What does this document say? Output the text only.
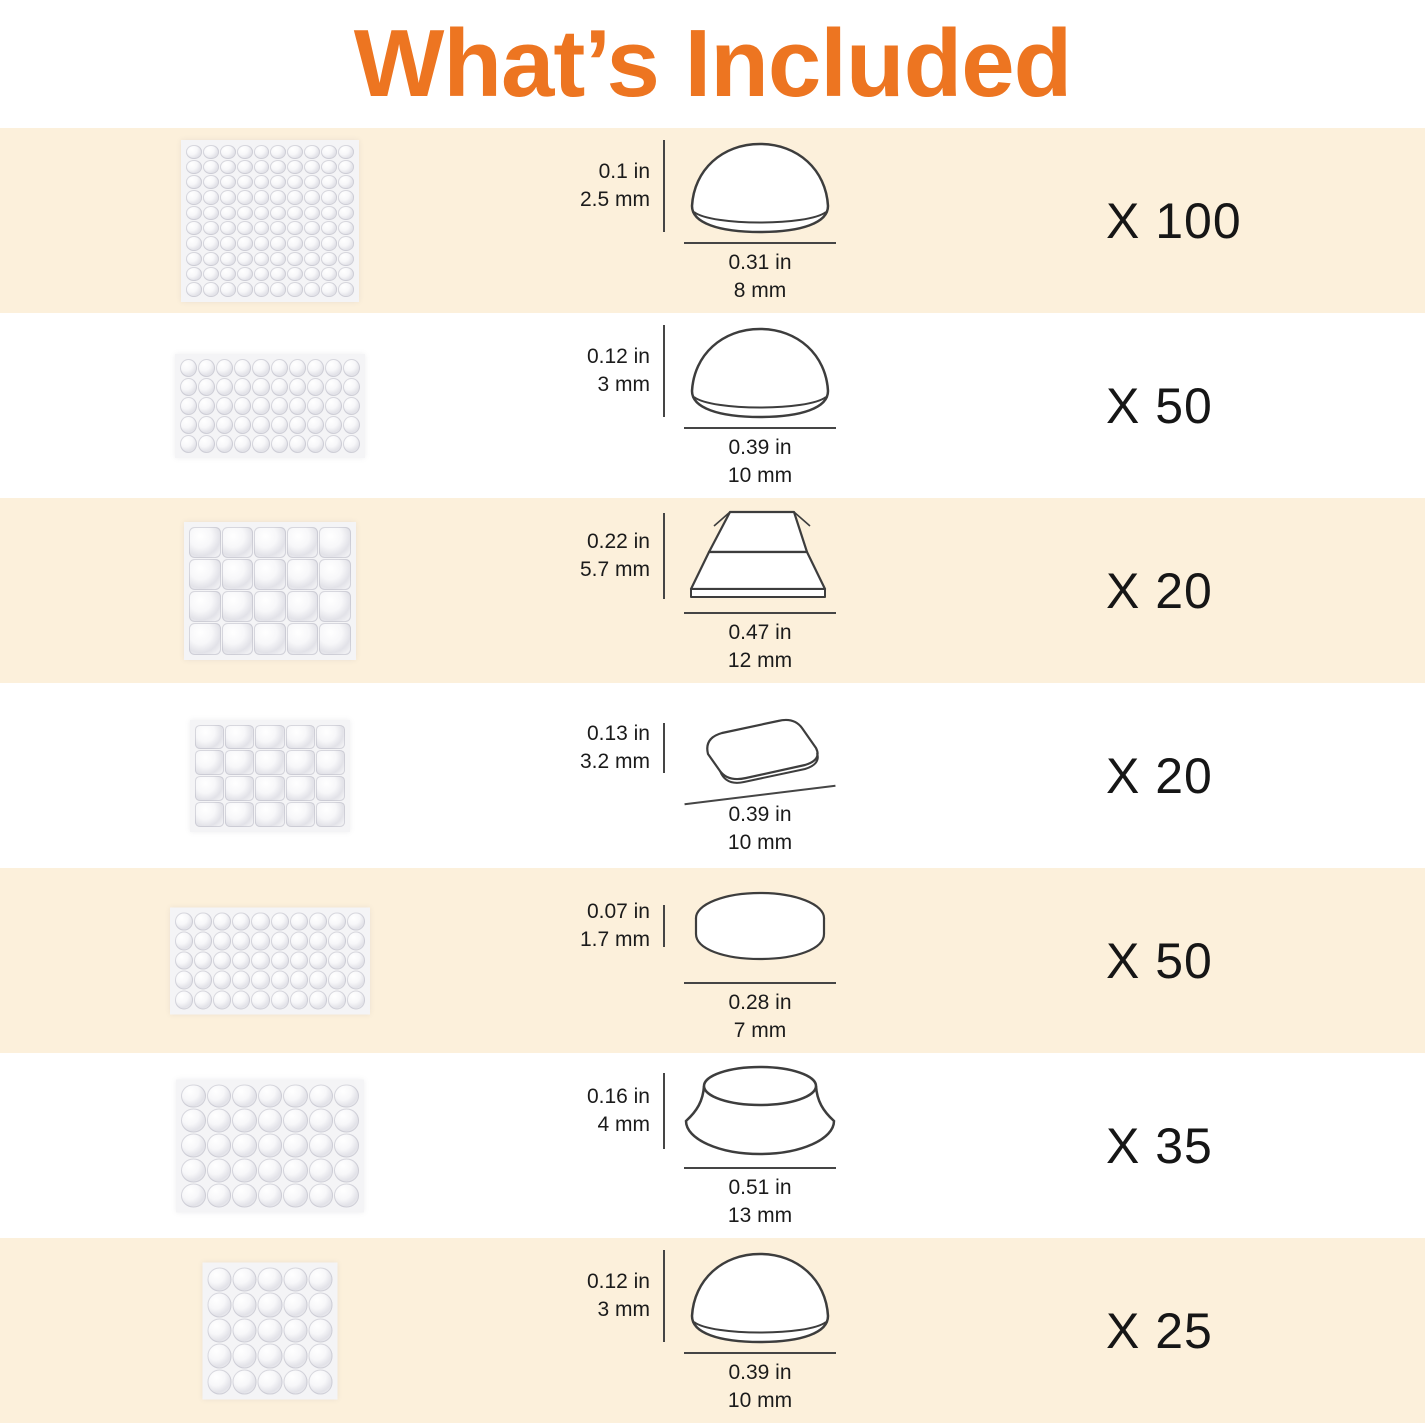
What’s Included
0.1 in
2.5 mm
0.31 in
8 mm
X 100
0.12 in
3 mm
0.39 in
10 mm
X 50
0.22 in
5.7 mm
0.47 in
12 mm
X 20
0.13 in
3.2 mm
0.39 in
10 mm
X 20
0.07 in
1.7 mm
0.28 in
7 mm
X 50
0.16 in
4 mm
0.51 in
13 mm
X 35
0.12 in
3 mm
0.39 in
10 mm
X 25
